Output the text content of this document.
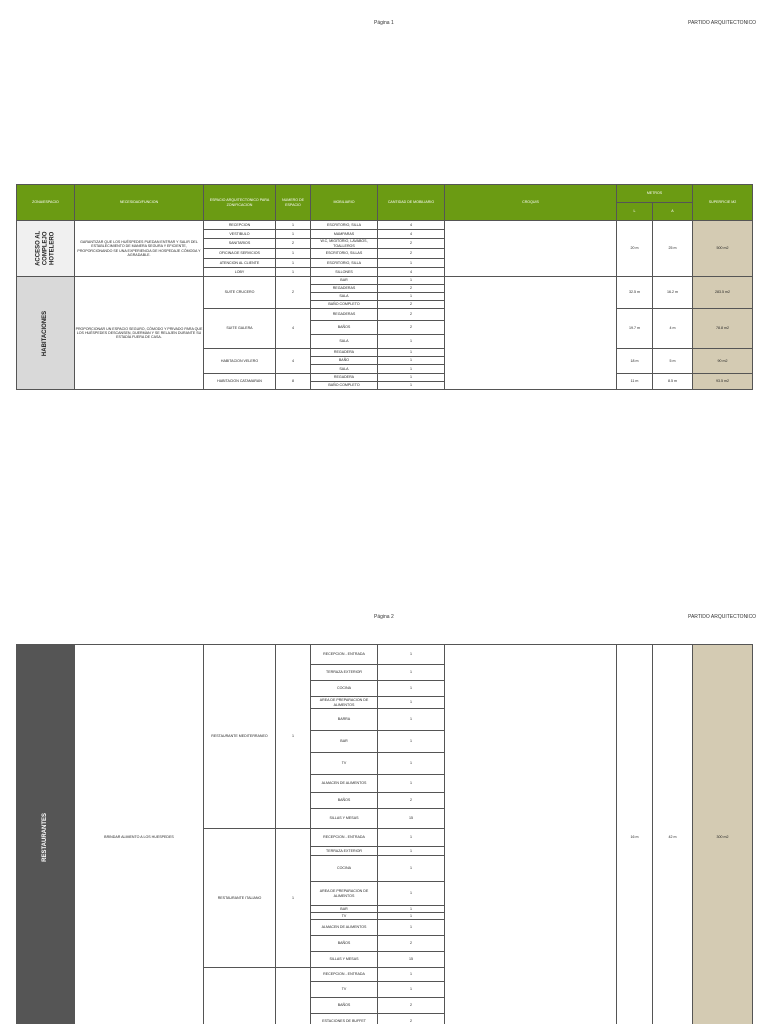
Página 1	PARTIDO ARQUITECTONICO
ZONA/ESPACIO	NECESIDAD/FUNCION	ESPACIO ARQUITECTONICO PARA ZONIFICACION	NUMERO DE ESPACIO	MOBILIARIO	CANTIDAD DE MOBILIARIO	CROQUIS	METROS		SUPERFICIE M2
							L	A	
ACCESO AL COMPLEJO HOTELERO	GARANTIZAR QUE LOS HUÉSPEDES PUEDAN ENTRAR Y SALIR DEL ESTABLECIMIENTO DE MANERA SEGURA Y EFICIENTE, PROPORCIONANDO SE UNA EXPERIENCIA DE HOSPEDAJE CÓMODA Y AGRADABLE.	RECEPCION	1	ESCRITORIO, SILLA	4		20 m	25 m	500 m2
		VESTIBULO	1	MAMPARAS	4				
		SANITARIOS	2	W.C, MIGITORIO, LAVABOS, TOALLEROS	2				
		OFICINA DE SERVICIOS	1	ESCRITORIO, SILLAS	2				
		ATENCION AL CLIENTE	1	ESCRITORIO, SILLA	1				
		LOBY	1	SILLONES	4				
HABITACIONES	PROPORCIONAR UN ESPACIO SEGURO, CÓMODO Y PRIVADO PARA QUE LOS HUÉSPEDES DESCANSEN, DUERMAN Y SE RELAJEN DURANTE SU ESTADÍA FUERA DE CASA.	SUITE CRUCERO	2	BAR	1		32.5 m	16.2 m	283.5 m2
				REGADERAS	2				
				SALA	1				
				BAÑO COMPLETO	2				
		SUITE GALERA	4	REGADERAS	2		19.7 m	4 m	78.8 m2
				BAÑOS	2				
				SALA	1				
		HABITACION VELERO	4	REGADERA	1		18 m	5 m	90 m2
				BAÑO	1				
				SALA	1				
		HABITACION CATAMARAN	8	REGADERA	1		11 m	8.5 m	93.5 m2
				BAÑO COMPLETO	1				
Página 2	PARTIDO ARQUITECTONICO
RESTAURANTES	BRINDAR ALIMENTO A LOS HUESPEDES	RESTAURANTE MEDITERRANEO	1	RECEPCION - ENTRADA	1		16 m	42 m	300 m2
				TERRAZA EXTERIOR	1				
				COCINA	1				
				AREA DE PREPARACION DE ALIMENTOS	1				
				BARRA	1				
				BAR	1				
				TV	1				
				ALMACEN DE ALIMENTOS	1				
				BAÑOS	2				
				SILLAS Y MESAS	15				
		RESTAURANTE ITALIANO	1	RECEPCION - ENTRADA	1				
				TERRAZA EXTERIOR	1				
				COCINA	1				
				AREA DE PREPARACION DE ALIMENTOS	1				
				BAR	1				
				TV	1				
				ALMACEN DE ALIMENTOS	1				
				BAÑOS	2				
				SILLAS Y MESAS	15				
				RECEPCION - ENTRADA	1				
				TV	1				
				BAÑOS	2				
				ESTACIONES DE BUFFET	2				
